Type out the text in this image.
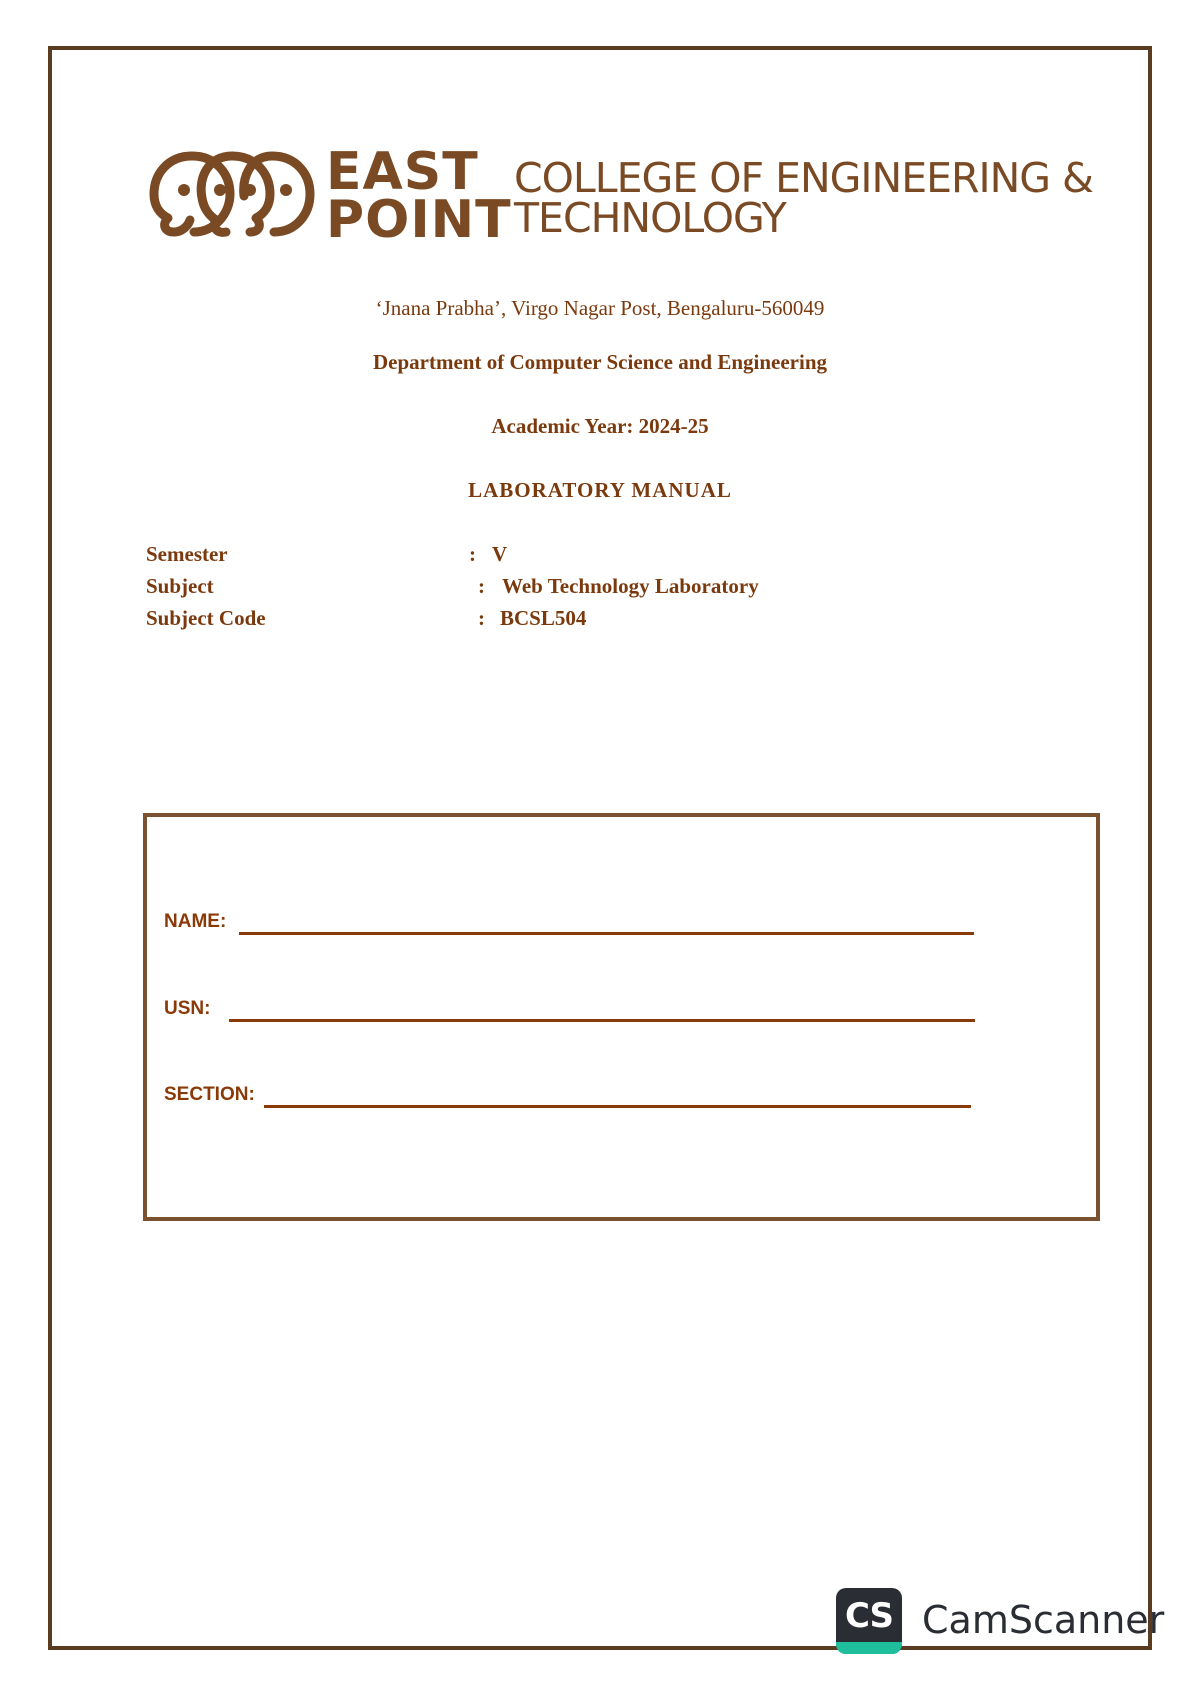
EAST
POINT
COLLEGE OF ENGINEERING &
TECHNOLOGY
‘Jnana Prabha’, Virgo Nagar Post, Bengaluru-560049
Department of Computer Science and Engineering
Academic Year: 2024-25
LABORATORY MANUAL
Semester	: V
Subject	: Web Technology Laboratory
Subject Code	: BCSL504
NAME:
USN:
SECTION:
CS CamScanner
